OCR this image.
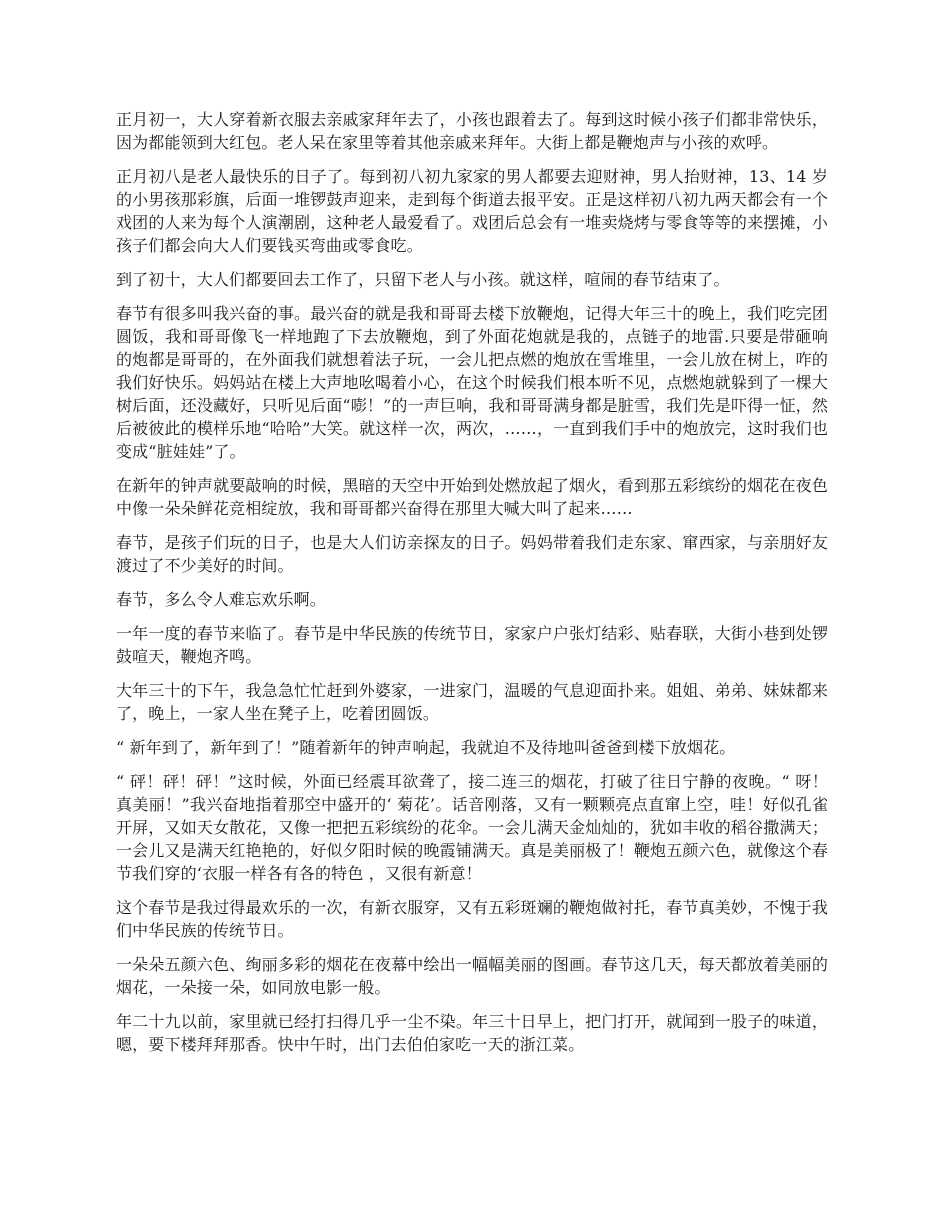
正月初一，大人穿着新衣服去亲戚家拜年去了，小孩也跟着去了。每到这时候小孩子们都非常快乐，因为都能领到大红包。老人呆在家里等着其他亲戚来拜年。大街上都是鞭炮声与小孩的欢呼。

正月初八是老人最快乐的日子了。每到初八初九家家的男人都要去迎财神，男人抬财神，13、14 岁的小男孩那彩旗，后面一堆锣鼓声迎来，走到每个街道去报平安。正是这样初八初九两天都会有一个戏团的人来为每个人演潮剧，这种老人最爱看了。戏团后总会有一堆卖烧烤与零食等等的来摆摊，小孩子们都会向大人们要钱买弯曲或零食吃。

到了初十，大人们都要回去工作了，只留下老人与小孩。就这样，喧闹的春节结束了。

春节有很多叫我兴奋的事。最兴奋的就是我和哥哥去楼下放鞭炮，记得大年三十的晚上，我们吃完团圆饭，我和哥哥像飞一样地跑了下去放鞭炮，到了外面花炮就是我的，点链子的地雷.只要是带砸响的炮都是哥哥的，在外面我们就想着法子玩，一会儿把点燃的炮放在雪堆里，一会儿放在树上，咋的我们好快乐。妈妈站在楼上大声地吆喝着小心，在这个时候我们根本听不见，点燃炮就躲到了一棵大树后面，还没藏好，只听见后面“嘭！”的一声巨响，我和哥哥满身都是脏雪，我们先是吓得一怔，然后被彼此的模样乐地“哈哈”大笑。就这样一次，两次，……，一直到我们手中的炮放完，这时我们也变成“脏娃娃”了。

在新年的钟声就要敲响的时候，黑暗的天空中开始到处燃放起了烟火，看到那五彩缤纷的烟花在夜色中像一朵朵鲜花竞相绽放，我和哥哥都兴奋得在那里大喊大叫了起来……

春节，是孩子们玩的日子，也是大人们访亲探友的日子。妈妈带着我们走东家、窜西家，与亲朋好友渡过了不少美好的时间。

春节，多么令人难忘欢乐啊。

一年一度的春节来临了。春节是中华民族的传统节日，家家户户张灯结彩、贴春联，大街小巷到处锣鼓喧天，鞭炮齐鸣。

大年三十的下午，我急急忙忙赶到外婆家，一进家门，温暖的气息迎面扑来。姐姐、弟弟、妹妹都来了，晚上，一家人坐在凳子上，吃着团圆饭。

“ 新年到了，新年到了！”随着新年的钟声响起，我就迫不及待地叫爸爸到楼下放烟花。

“ 砰！砰！砰！”这时候，外面已经震耳欲聋了，接二连三的烟花，打破了往日宁静的夜晚。“ 呀！真美丽！”我兴奋地指着那空中盛开的‘ 菊花’。话音刚落，又有一颗颗亮点直窜上空，哇！好似孔雀开屏，又如天女散花，又像一把把五彩缤纷的花伞。一会儿满天金灿灿的，犹如丰收的稻谷撒满天；一会儿又是满天红艳艳的，好似夕阳时候的晚霞铺满天。真是美丽极了！鞭炮五颜六色，就像这个春节我们穿的‘衣服一样各有各的特色 ，又很有新意！

这个春节是我过得最欢乐的一次，有新衣服穿，又有五彩斑斓的鞭炮做衬托，春节真美妙，不愧于我们中华民族的传统节日。

一朵朵五颜六色、绚丽多彩的烟花在夜幕中绘出一幅幅美丽的图画。春节这几天，每天都放着美丽的烟花，一朵接一朵，如同放电影一般。

年二十九以前，家里就已经打扫得几乎一尘不染。年三十日早上，把门打开，就闻到一股子的味道，嗯，要下楼拜拜那香。快中午时，出门去伯伯家吃一天的浙江菜。
